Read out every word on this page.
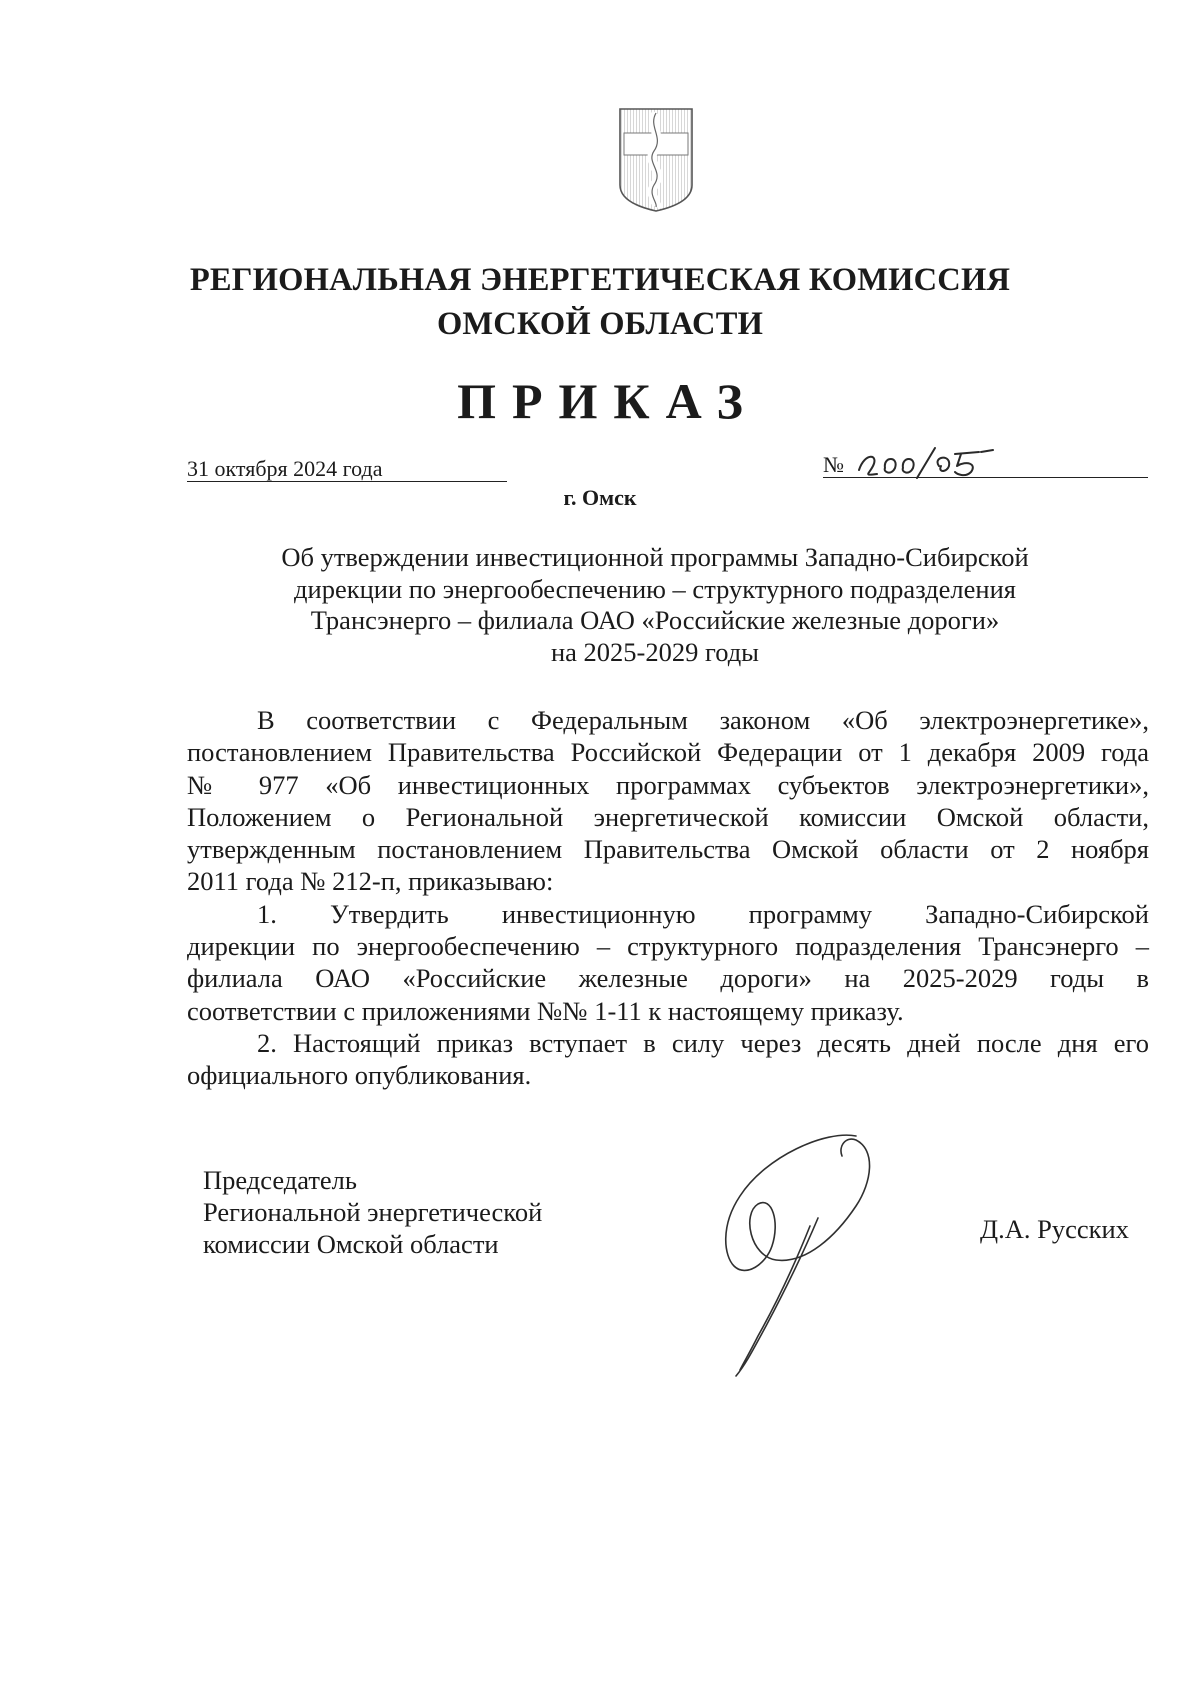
РЕГИОНАЛЬНАЯ ЭНЕРГЕТИЧЕСКАЯ КОМИССИЯ
ОМСКОЙ ОБЛАСТИ
ПРИКАЗ
31 октября 2024 года	№
г. Омск
Об утверждении инвестиционной программы Западно-Сибирской
дирекции по энергообеспечению – структурного подразделения
Трансэнерго – филиала ОАО «Российские железные дороги»
на 2025-2029 годы
В соответствии с Федеральным законом «Об электроэнергетике»,
постановлением Правительства Российской Федерации от 1 декабря 2009 года
№ 977 «Об инвестиционных программах субъектов электроэнергетики»,
Положением о Региональной энергетической комиссии Омской области,
утвержденным постановлением Правительства Омской области от 2 ноября
2011 года № 212-п, приказываю:
1. Утвердить инвестиционную программу Западно-Сибирской
дирекции по энергообеспечению – структурного подразделения Трансэнерго –
филиала ОАО «Российские железные дороги» на 2025-2029 годы в
соответствии с приложениями №№ 1-11 к настоящему приказу.
2. Настоящий приказ вступает в силу через десять дней после дня его
официального опубликования.
Председатель
Региональной энергетической
комиссии Омской области	Д.А. Русских
